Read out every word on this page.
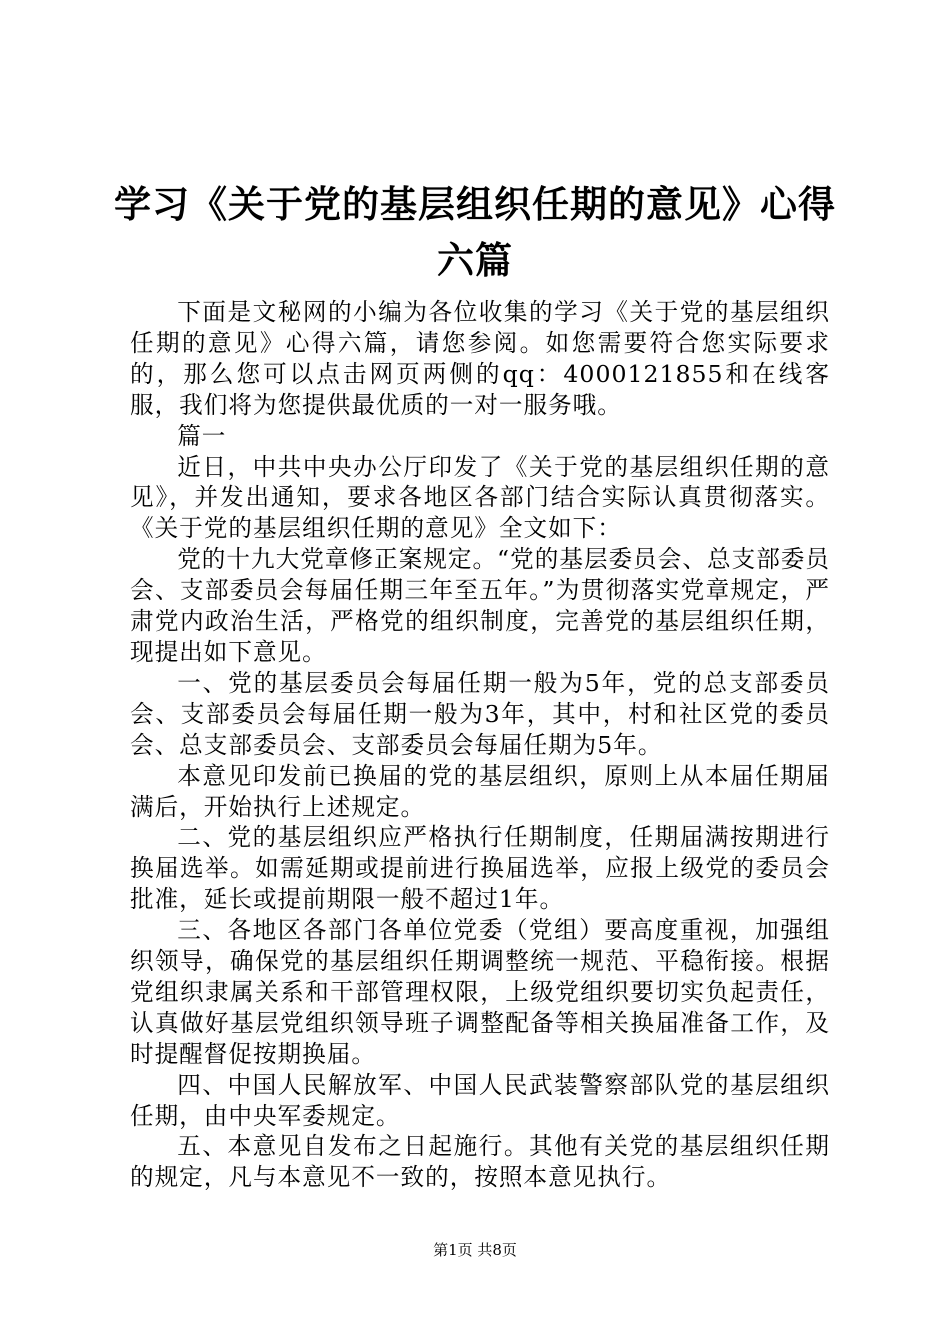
学习《关于党的基层组织任期的意见》心得六篇

下面是文秘网的小编为各位收集的学习《关于党的基层组织任期的意见》心得六篇，请您参阅。如您需要符合您实际要求的，那么您可以点击网页两侧的qq：4000121855和在线客服，我们将为您提供最优质的一对一服务哦。

篇一

近日，中共中央办公厅印发了《关于党的基层组织任期的意见》，并发出通知，要求各地区各部门结合实际认真贯彻落实。《关于党的基层组织任期的意见》全文如下：

党的十九大党章修正案规定。“党的基层委员会、总支部委员会、支部委员会每届任期三年至五年。”为贯彻落实党章规定，严肃党内政治生活，严格党的组织制度，完善党的基层组织任期，现提出如下意见。

一、党的基层委员会每届任期一般为5年，党的总支部委员会、支部委员会每届任期一般为3年，其中，村和社区党的委员会、总支部委员会、支部委员会每届任期为5年。

本意见印发前已换届的党的基层组织，原则上从本届任期届满后，开始执行上述规定。

二、党的基层组织应严格执行任期制度，任期届满按期进行换届选举。如需延期或提前进行换届选举，应报上级党的委员会批准，延长或提前期限一般不超过1年。

三、各地区各部门各单位党委（党组）要高度重视，加强组织领导，确保党的基层组织任期调整统一规范、平稳衔接。根据党组织隶属关系和干部管理权限，上级党组织要切实负起责任，认真做好基层党组织领导班子调整配备等相关换届准备工作，及时提醒督促按期换届。

四、中国人民解放军、中国人民武装警察部队党的基层组织任期，由中央军委规定。

五、本意见自发布之日起施行。其他有关党的基层组织任期的规定，凡与本意见不一致的，按照本意见执行。

第1页 共8页
